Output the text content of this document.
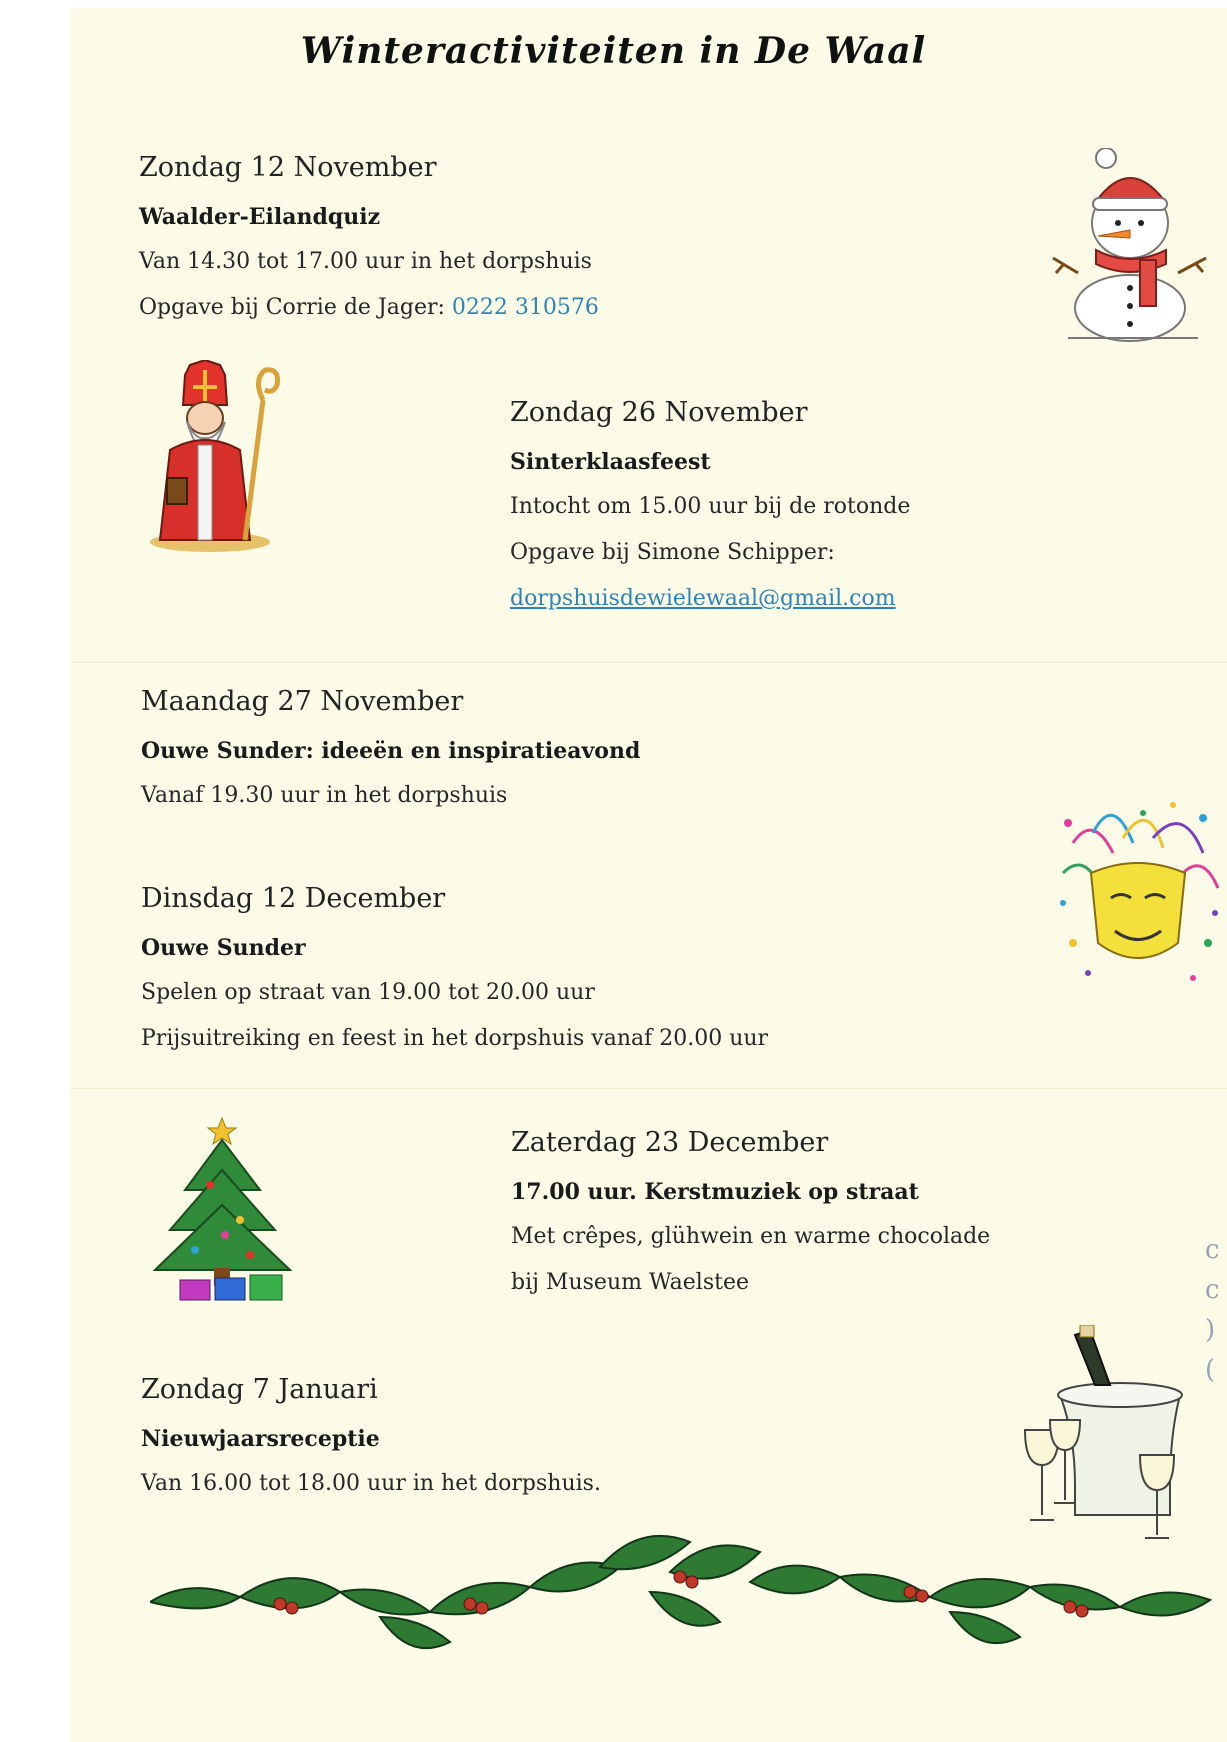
Winteractiviteiten in De Waal
Zondag 12 November
Waalder-Eilandquiz
Van 14.30 tot 17.00 uur in het dorpshuis
Opgave bij Corrie de Jager: 0222 310576
Zondag 26 November
Sinterklaasfeest
Intocht om 15.00 uur bij de rotonde
Opgave bij Simone Schipper:
dorpshuisdewielewaal@gmail.com
Maandag 27 November
Ouwe Sunder: ideeën en inspiratieavond
Vanaf 19.30 uur in het dorpshuis
Dinsdag 12 December
Ouwe Sunder
Spelen op straat van 19.00 tot 20.00 uur
Prijsuitreiking en feest in het dorpshuis vanaf 20.00 uur
Zaterdag 23 December
17.00 uur. Kerstmuziek op straat
Met crêpes, glühwein en warme chocolade
bij Museum Waelstee
Zondag 7 Januari
Nieuwjaarsreceptie
Van 16.00 tot 18.00 uur in het dorpshuis.
c
c
)
(
